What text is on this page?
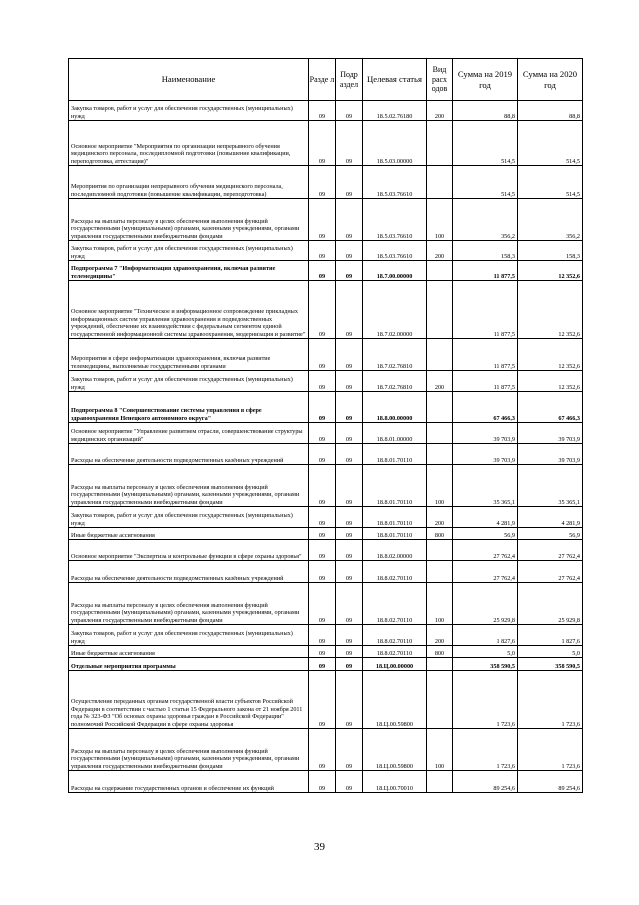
Наименование	Разде л	Подр аздел	Целевая статья	Вид расх одов	Сумма на 2019 год	Сумма на 2020 год
Закупка товаров, работ и услуг для обеспечения государственных (муниципальных) нужд	09	09	18.5.02.76180	200	88,8	88,8
Основное мероприятие "Мероприятия по организации непрерывного обучения медицинского персонала, последипломной подготовки (повышение квалификации, переподготовка, аттестация)"	09	09	18.5.03.00000		514,5	514,5
Мероприятия по организации непрерывного обучения медицинского персонала, последипломной подготовки (повышение квалификации, переподготовка)	09	09	18.5.03.76610		514,5	514,5
Расходы на выплаты персоналу в целях обеспечения выполнения функций государственными (муниципальными) органами, казенными учреждениями, органами управления государственными внебюджетными фондами	09	09	18.5.03.76610	100	356,2	356,2
Закупка товаров, работ и услуг для обеспечения государственных (муниципальных) нужд	09	09	18.5.03.76610	200	158,3	158,3
Подпрограмма 7 "Информатизация здравоохранения, включая развитие телемедицины"	09	09	18.7.00.00000		11 877,5	12 352,6
Основное мероприятие "Техническое и информационное сопровождение прикладных информационных систем управления здравоохранения и подведомственных учреждений, обеспечение их взаимодействия с федеральным сегментом единой государственной информационной системы здравоохранения, модернизация и развитие"	09	09	18.7.02.00000		11 877,5	12 352,6
Мероприятия в сфере информатизации здравоохранения, включая развитие телемедицины, выполняемые государственными органами	09	09	18.7.02.76810		11 877,5	12 352,6
Закупка товаров, работ и услуг для обеспечения государственных (муниципальных) нужд	09	09	18.7.02.76810	200	11 877,5	12 352,6
Подпрограмма 8 "Совершенствование системы управления в сфере здравоохранения Ненецкого автономного округа"	09	09	18.8.00.00000		67 466,3	67 466,3
Основное мероприятие "Управление развитием отрасли, совершенствование структуры медицинских организаций"	09	09	18.8.01.00000		39 703,9	39 703,9
Расходы на обеспечение деятельности подведомственных казённых учреждений	09	09	18.8.01.70110		39 703,9	39 703,9
Расходы на выплаты персоналу в целях обеспечения выполнения функций государственными (муниципальными) органами, казенными учреждениями, органами управления государственными внебюджетными фондами	09	09	18.8.01.70110	100	35 365,1	35 365,1
Закупка товаров, работ и услуг для обеспечения государственных (муниципальных) нужд	09	09	18.8.01.70110	200	4 281,9	4 281,9
Иные бюджетные ассигнования	09	09	18.8.01.70110	800	56,9	56,9
Основное мероприятие "Экспертиза и контрольные функции в сфере охраны здоровья"	09	09	18.8.02.00000		27 762,4	27 762,4
Расходы на обеспечение деятельности подведомственных казённых учреждений	09	09	18.8.02.70110		27 762,4	27 762,4
Расходы на выплаты персоналу в целях обеспечения выполнения функций государственными (муниципальными) органами, казенными учреждениями, органами управления государственными внебюджетными фондами	09	09	18.8.02.70110	100	25 929,8	25 929,8
Закупка товаров, работ и услуг для обеспечения государственных (муниципальных) нужд	09	09	18.8.02.70110	200	1 827,6	1 827,6
Иные бюджетные ассигнования	09	09	18.8.02.70110	800	5,0	5,0
Отдельные мероприятия программы	09	09	18.Ц.00.00000		358 590,5	358 590,5
Осуществление переданных органам государственной власти субъектов Российской Федерации в соответствии с частью 1 статьи 15 Федерального закона от 21 ноября 2011 года № 323-ФЗ "Об основах охраны здоровья граждан в Российской Федерации" полномочий Российской Федерации в сфере охраны здоровья	09	09	18.Ц.00.59800		1 723,6	1 723,6
Расходы на выплаты персоналу в целях обеспечения выполнения функций государственными (муниципальными) органами, казенными учреждениями, органами управления государственными внебюджетными фондами	09	09	18.Ц.00.59800	100	1 723,6	1 723,6
Расходы на содержание государственных органов и обеспечение их функций	09	09	18.Ц.00.70010		89 254,6	89 254,6
39
